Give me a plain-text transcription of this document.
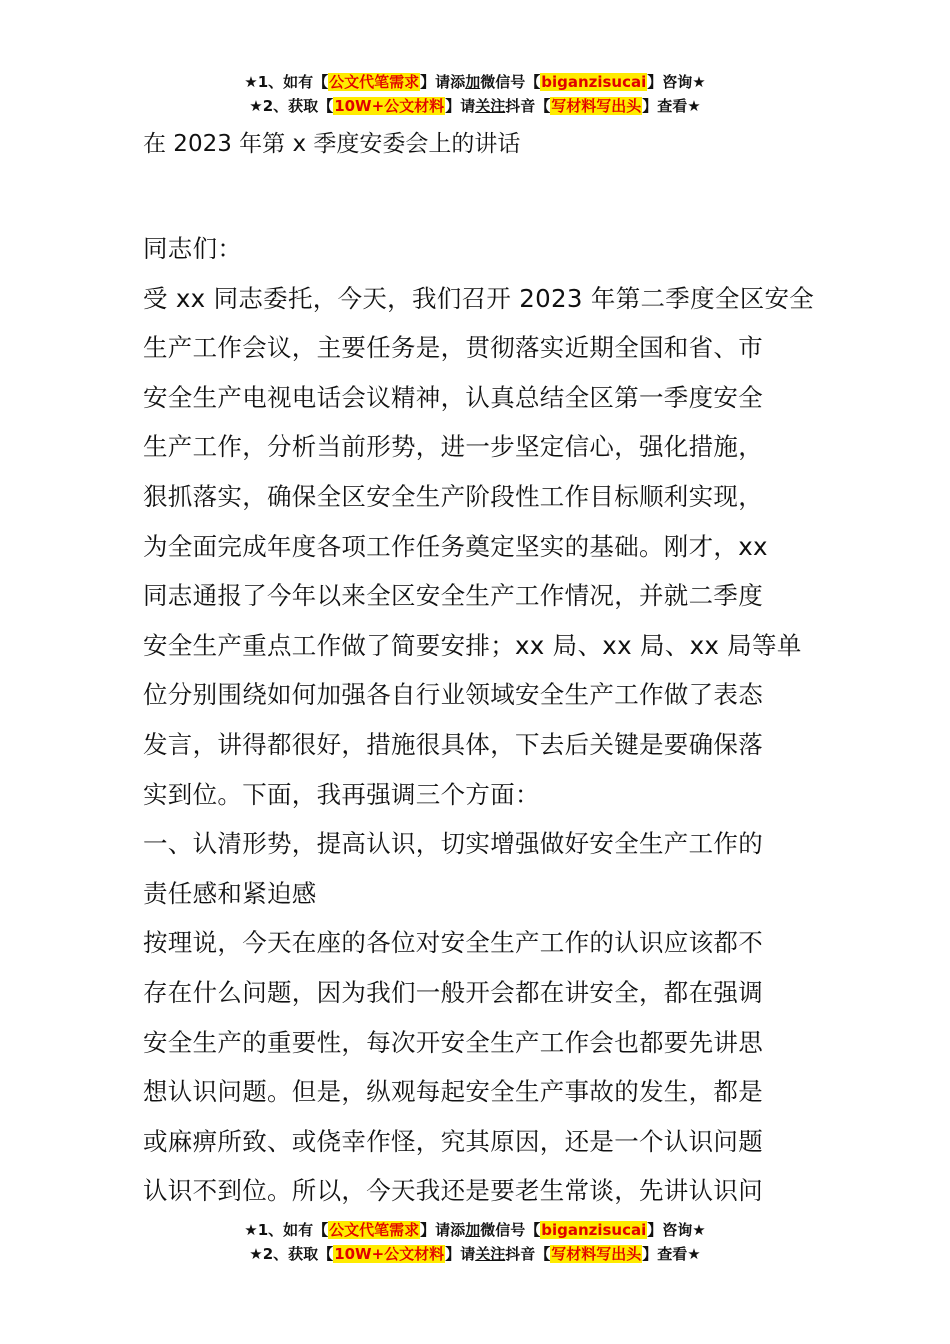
★1、如有【公文代笔需求】请添加微信号【biganzisucai】咨询★
★2、获取【10W+公文材料】请关注抖音【写材料写出头】查看★
在 2023 年第 x 季度安委会上的讲话
同志们：
受 xx 同志委托，今天，我们召开 2023 年第二季度全区安全
生产工作会议，主要任务是，贯彻落实近期全国和省、市
安全生产电视电话会议精神，认真总结全区第一季度安全
生产工作，分析当前形势，进一步坚定信心，强化措施，
狠抓落实，确保全区安全生产阶段性工作目标顺利实现，
为全面完成年度各项工作任务奠定坚实的基础。刚才，xx
同志通报了今年以来全区安全生产工作情况，并就二季度
安全生产重点工作做了简要安排；xx 局、xx 局、xx 局等单
位分别围绕如何加强各自行业领域安全生产工作做了表态
发言，讲得都很好，措施很具体，下去后关键是要确保落
实到位。下面，我再强调三个方面：
一、认清形势，提高认识，切实增强做好安全生产工作的
责任感和紧迫感
按理说，今天在座的各位对安全生产工作的认识应该都不
存在什么问题，因为我们一般开会都在讲安全，都在强调
安全生产的重要性，每次开安全生产工作会也都要先讲思
想认识问题。但是，纵观每起安全生产事故的发生，都是
或麻痹所致、或侥幸作怪，究其原因，还是一个认识问题
认识不到位。所以，今天我还是要老生常谈，先讲认识问
★1、如有【公文代笔需求】请添加微信号【biganzisucai】咨询★
★2、获取【10W+公文材料】请关注抖音【写材料写出头】查看★
